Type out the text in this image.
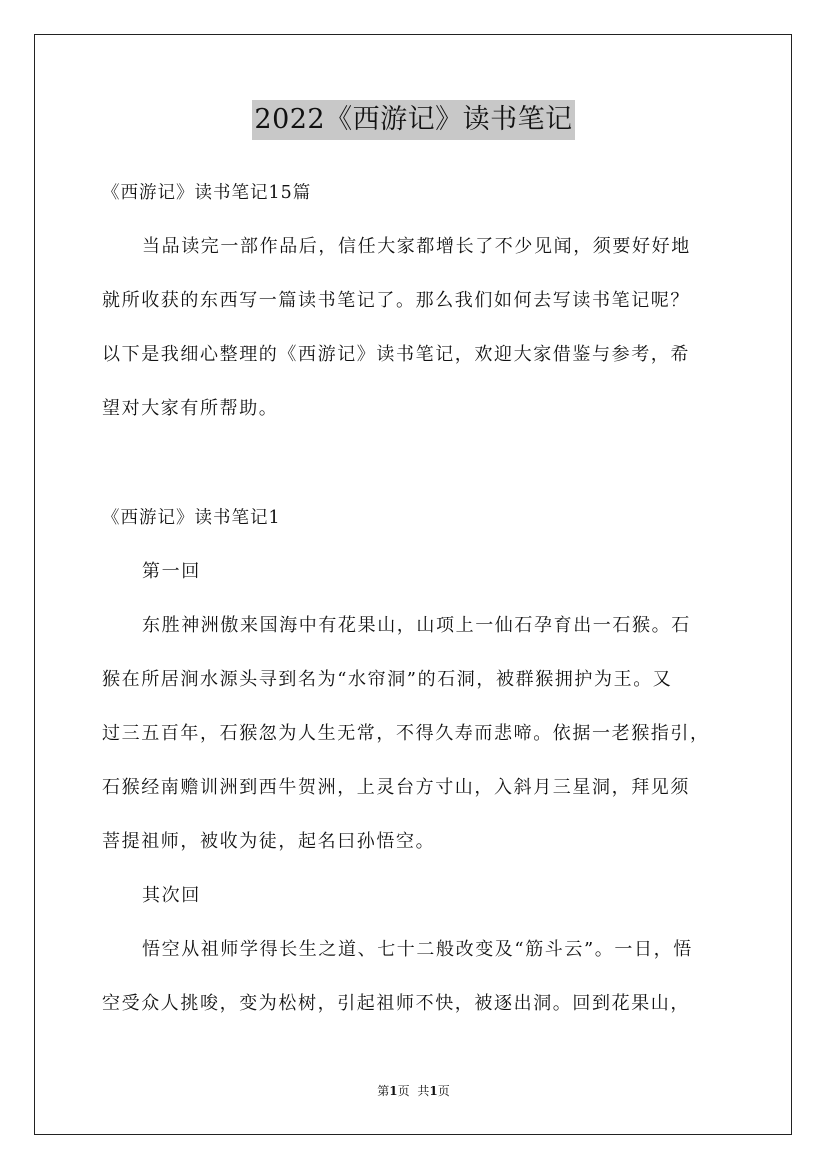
2022《西游记》读书笔记
《西游记》读书笔记15篇
当品读完一部作品后，信任大家都增长了不少见闻，须要好好地
就所收获的东西写一篇读书笔记了。那么我们如何去写读书笔记呢？
以下是我细心整理的《西游记》读书笔记，欢迎大家借鉴与参考，希
望对大家有所帮助。
《西游记》读书笔记1
第一回
东胜神洲傲来国海中有花果山，山项上一仙石孕育出一石猴。石
猴在所居涧水源头寻到名为“水帘洞”的石洞，被群猴拥护为王。又
过三五百年，石猴忽为人生无常，不得久寿而悲啼。依据一老猴指引，
石猴经南赡训洲到西牛贺洲，上灵台方寸山，入斜月三星洞，拜见须
菩提祖师，被收为徒，起名曰孙悟空。
其次回
悟空从祖师学得长生之道、七十二般改变及“筋斗云”。一日，悟
空受众人挑唆，变为松树，引起祖师不快，被逐出洞。回到花果山，
第1页 共1页
